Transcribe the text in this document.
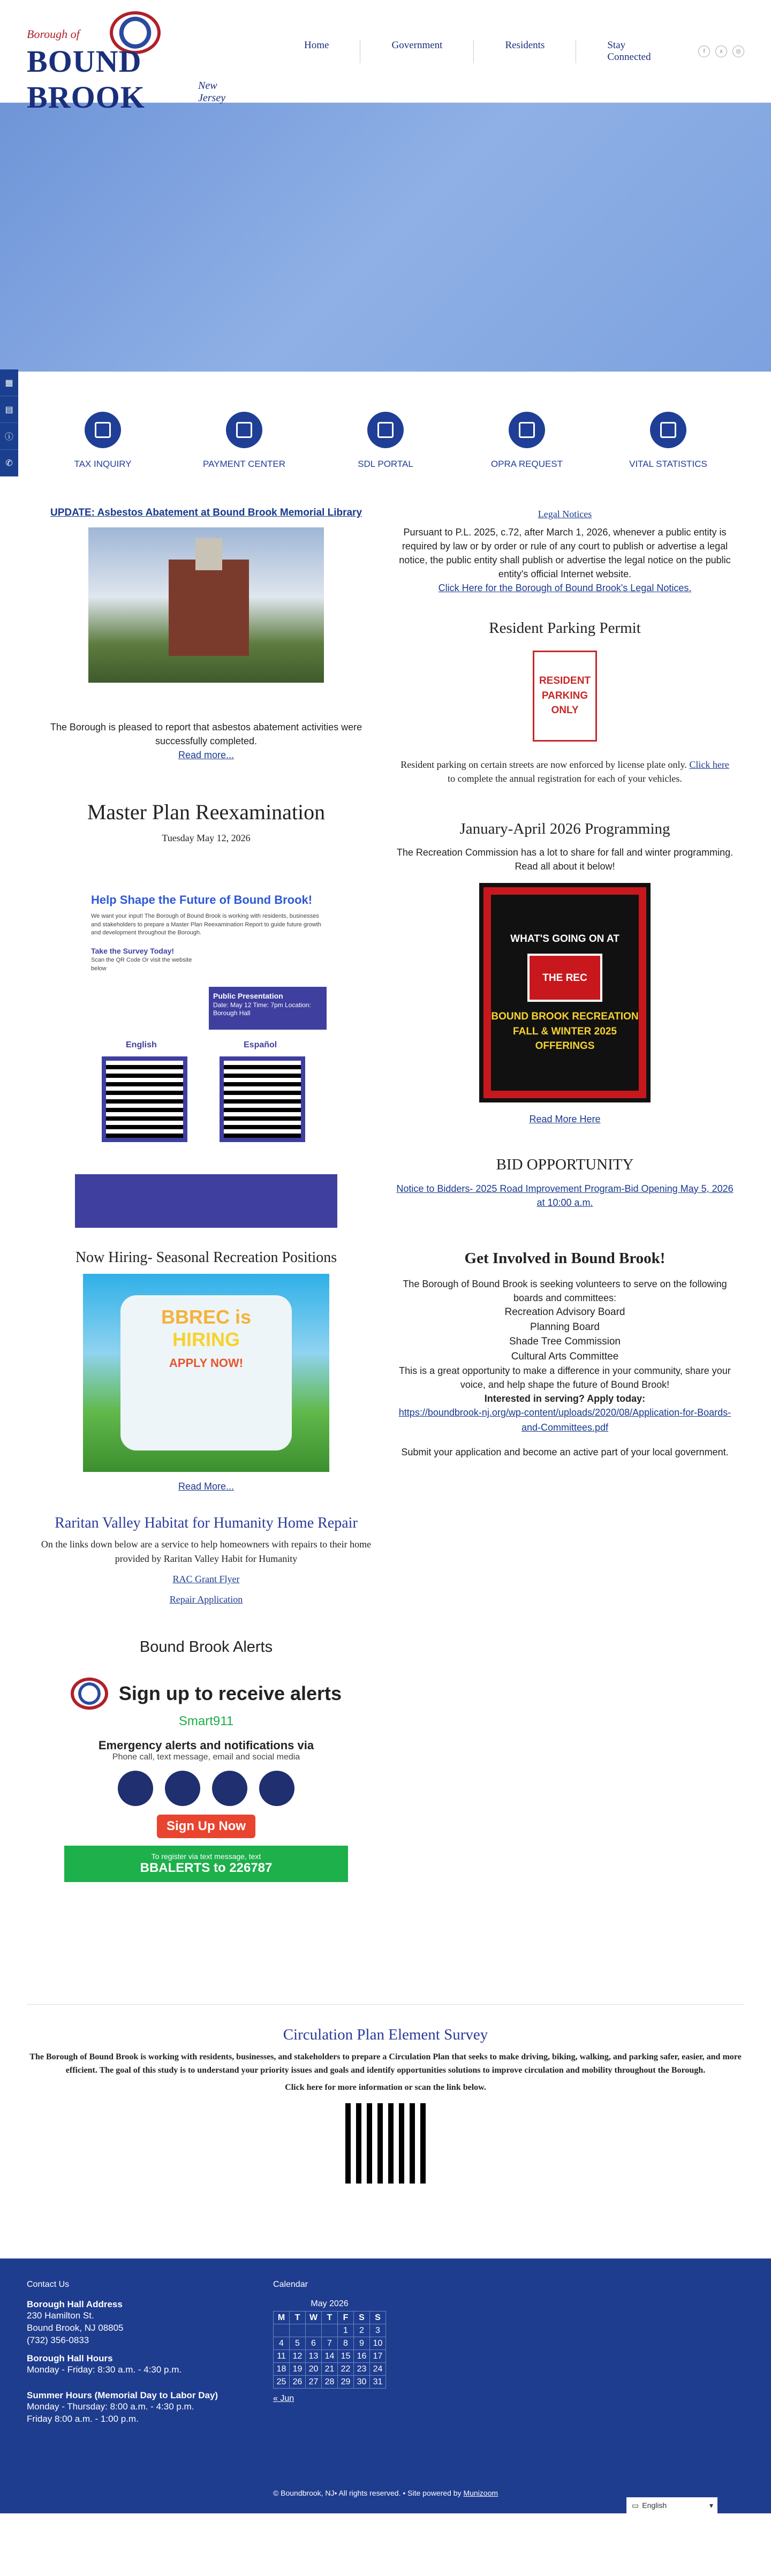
Borough of
BOUND BROOK	New Jersey
Home	Government	Residents	Stay Connected	f	x	◎
▦
▤
ⓘ
✆	TAX INQUIRY	PAYMENT CENTER	SDL PORTAL	OPRA REQUEST	VITAL STATISTICS
UPDATE: Asbestos Abatement at Bound Brook Memorial Library

The Borough is pleased to report that asbestos abatement activities were successfully completed.

Read more...
Master Plan Reexamination

Tuesday May 12, 2026

Help Shape the Future of Bound Brook!

We want your input! The Borough of Bound Brook is working with residents, businesses and stakeholders to prepare a Master Plan Reexamination Report to guide future growth and development throughout the Borough.

Take the Survey Today!

Scan the QR Code Or visit the website below

Public Presentation
Date: May 12 Time: 7pm Location: Borough Hall
English	Español
Now Hiring- Seasonal Recreation Positions
BBREC is
HIRING
APPLY NOW!
Read More...
Raritan Valley Habitat for Humanity Home Repair

On the links down below are a service to help homeowners with repairs to their home provided by Raritan Valley Habit for Humanity

RAC Grant Flyer

Repair Application

Bound Brook Alerts
Sign up to receive alerts
Smart911
Emergency alerts and notifications via
Phone call, text message, email and social media
Sign Up Now
To register via text message, text
BBALERTS to 226787
Legal Notices

Pursuant to P.L. 2025, c.72, after March 1, 2026, whenever a public entity is required by law or by order or rule of any court to publish or advertise a legal notice, the public entity shall publish or advertise the legal notice on the public entity's official Internet website.

Click Here for the Borough of Bound Brook's Legal Notices.
Resident Parking Permit
RESIDENT
PARKING
ONLY

Resident parking on certain streets are now enforced by license plate only. Click here to complete the annual registration for each of your vehicles.

January-April 2026 Programming

The Recreation Commission has a lot to share for fall and winter programming. Read all about it below!

WHAT'S GOING ON AT
THE REC
BOUND BROOK RECREATION FALL & WINTER 2025 OFFERINGS
Read More Here
BID OPPORTUNITY
Notice to Bidders- 2025 Road Improvement Program-Bid Opening May 5, 2026 at 10:00 a.m.
Get Involved in Bound Brook!

The Borough of Bound Brook is seeking volunteers to serve on the following boards and committees:

Recreation Advisory Board
Planning Board
Shade Tree Commission
Cultural Arts Committee

This is a great opportunity to make a difference in your community, share your voice, and help shape the future of Bound Brook!

Interested in serving? Apply today:

https://boundbrook-nj.org/wp-content/uploads/2020/08/Application-for-Boards-and-Committees.pdf

Submit your application and become an active part of your local government.

Circulation Plan Element Survey

The Borough of Bound Brook is working with residents, businesses, and stakeholders to prepare a Circulation Plan that seeks to make driving, biking, walking, and parking safer, easier, and more efficient. The goal of this study is to understand your priority issues and goals and identify opportunities solutions to improve circulation and mobility throughout the Borough.

Click here for more information or scan the link below.

Contact Us
Borough Hall Address
230 Hamilton St.
Bound Brook, NJ 08805
(732) 356-0833
Borough Hall Hours
Monday - Friday: 8:30 a.m. - 4:30 p.m.
Summer Hours (Memorial Day to Labor Day)
Monday - Thursday: 8:00 a.m. - 4:30 p.m.
Friday 8:00 a.m. - 1:00 p.m.
Calendar
May 2026
M	T	W	T	F	S	S
				1	2	3
4	5	6	7	8	9	10
11	12	13	14	15	16	17
18	19	20	21	22	23	24
25	26	27	28	29	30	31
« Jun
© Boundbrook, NJ• All rights reserved. • Site powered by Munizoom
▭ English	▾
